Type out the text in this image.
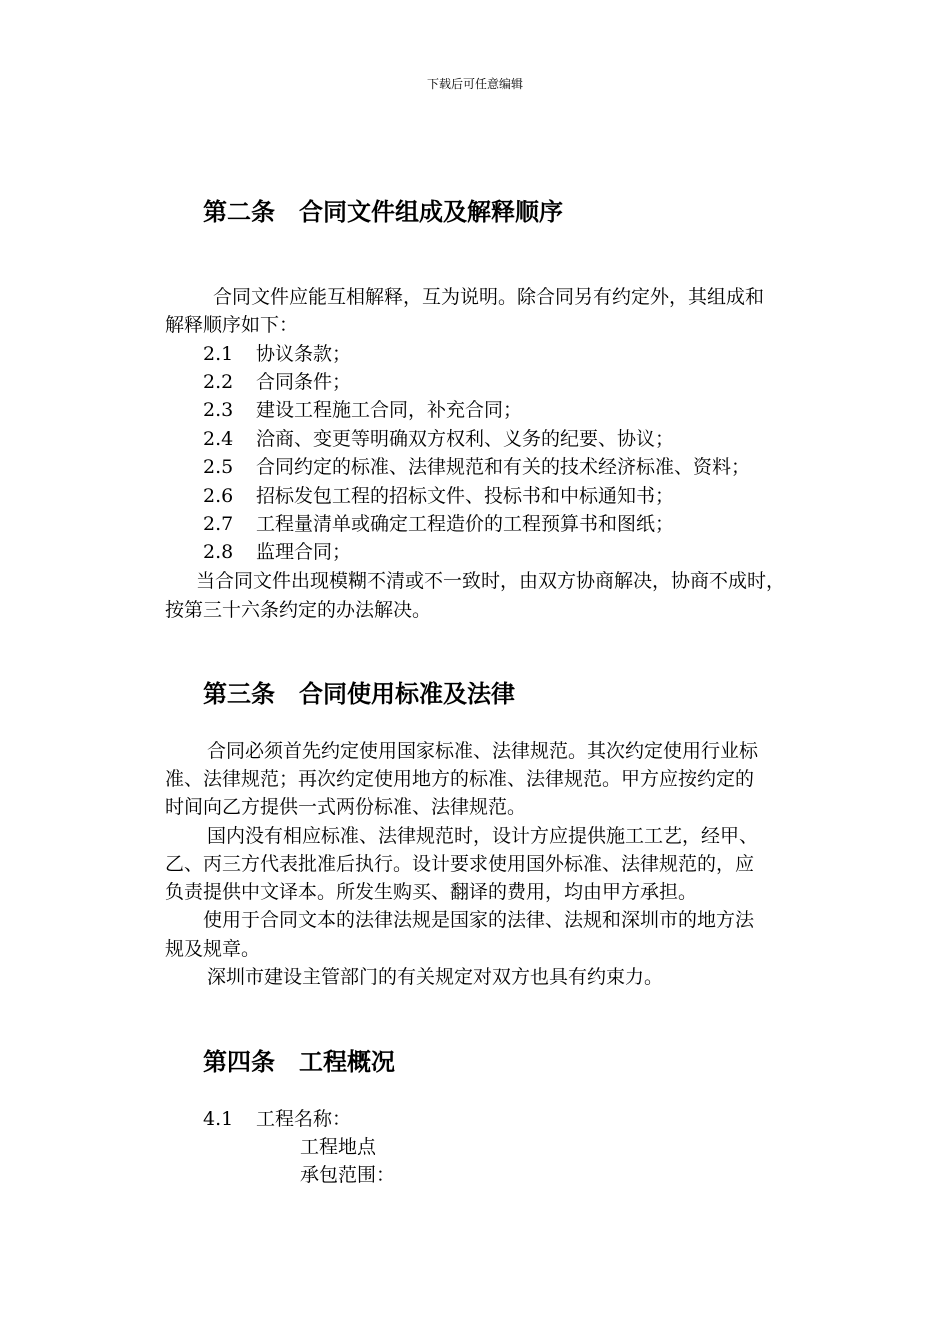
下载后可任意编辑
第二条　合同文件组成及解释顺序
合同文件应能互相解释，互为说明。除合同另有约定外，其组成和
解释顺序如下：
2.1 协议条款；
2.2 合同条件；
2.3 建设工程施工合同，补充合同；
2.4 洽商、变更等明确双方权利、义务的纪要、协议；
2.5 合同约定的标准、法律规范和有关的技术经济标准、资料；
2.6 招标发包工程的招标文件、投标书和中标通知书；
2.7 工程量清单或确定工程造价的工程预算书和图纸；
2.8 监理合同；
当合同文件出现模糊不清或不一致时，由双方协商解决，协商不成时，
按第三十六条约定的办法解决。
第三条　合同使用标准及法律
合同必须首先约定使用国家标准、法律规范。其次约定使用行业标
准、法律规范；再次约定使用地方的标准、法律规范。甲方应按约定的
时间向乙方提供一式两份标准、法律规范。
国内没有相应标准、法律规范时，设计方应提供施工工艺，经甲、
乙、丙三方代表批准后执行。设计要求使用国外标准、法律规范的，应
负责提供中文译本。所发生购买、翻译的费用，均由甲方承担。
使用于合同文本的法律法规是国家的法律、法规和深圳市的地方法
规及规章。
深圳市建设主管部门的有关规定对双方也具有约束力。
第四条　工程概况
4.1 工程名称：
工程地点
承包范围：
